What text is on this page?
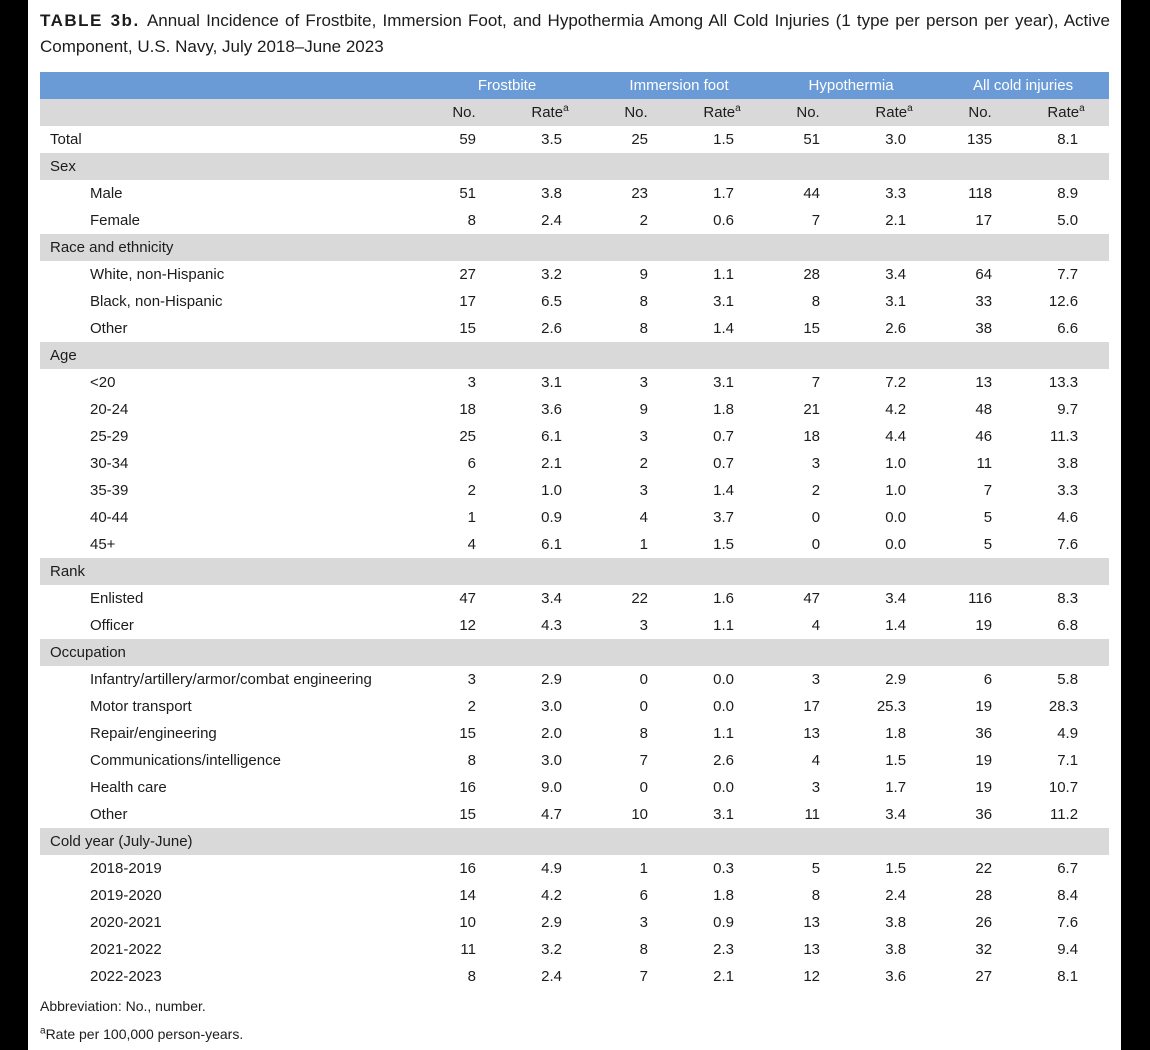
TABLE 3b. Annual Incidence of Frostbite, Immersion Foot, and Hypothermia Among All Cold Injuries (1 type per person per year), Active Component, U.S. Navy, July 2018–June 2023

	Frostbite		Immersion foot		Hypothermia		All cold injuries	
	No.	Rate$^a$	No.	Rate$^a$	No.	Rate$^a$	No.	Rate$^a$
Total	59	3.5	25	1.5	51	3.0	135	8.1
Sex								
Male	51	3.8	23	1.7	44	3.3	118	8.9
Female	8	2.4	2	0.6	7	2.1	17	5.0
Race and ethnicity								
White, non-Hispanic	27	3.2	9	1.1	28	3.4	64	7.7
Black, non-Hispanic	17	6.5	8	3.1	8	3.1	33	12.6
Other	15	2.6	8	1.4	15	2.6	38	6.6
Age								
<20	3	3.1	3	3.1	7	7.2	13	13.3
20-24	18	3.6	9	1.8	21	4.2	48	9.7
25-29	25	6.1	3	0.7	18	4.4	46	11.3
30-34	6	2.1	2	0.7	3	1.0	11	3.8
35-39	2	1.0	3	1.4	2	1.0	7	3.3
40-44	1	0.9	4	3.7	0	0.0	5	4.6
45+	4	6.1	1	1.5	0	0.0	5	7.6
Rank								
Enlisted	47	3.4	22	1.6	47	3.4	116	8.3
Officer	12	4.3	3	1.1	4	1.4	19	6.8
Occupation								
Infantry/artillery/armor/combat engineering	3	2.9	0	0.0	3	2.9	6	5.8
Motor transport	2	3.0	0	0.0	17	25.3	19	28.3
Repair/engineering	15	2.0	8	1.1	13	1.8	36	4.9
Communications/intelligence	8	3.0	7	2.6	4	1.5	19	7.1
Health care	16	9.0	0	0.0	3	1.7	19	10.7
Other	15	4.7	10	3.1	11	3.4	36	11.2
Cold year (July-June)								
2018-2019	16	4.9	1	0.3	5	1.5	22	6.7
2019-2020	14	4.2	6	1.8	8	2.4	28	8.4
2020-2021	10	2.9	3	0.9	13	3.8	26	7.6
2021-2022	11	3.2	8	2.3	13	3.8	32	9.4
2022-2023	8	2.4	7	2.1	12	3.6	27	8.1

Abbreviation: No., number.

$^a$Rate per 100,000 person-years.
